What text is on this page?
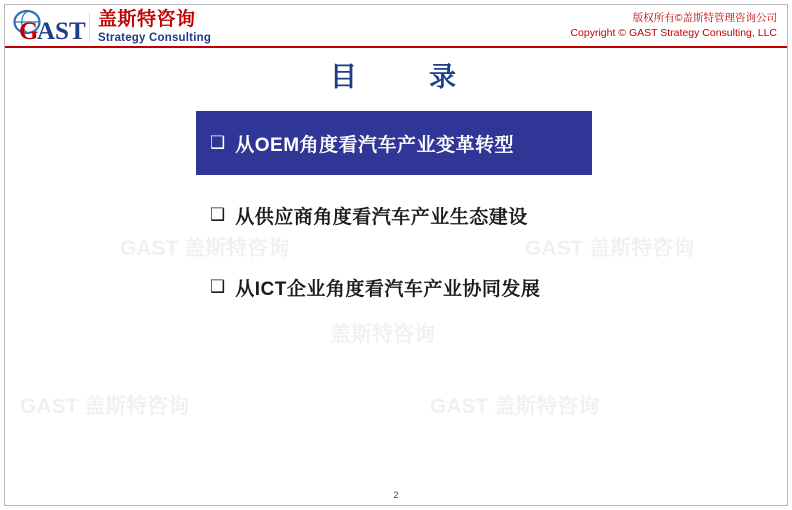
G
AST 盖斯特咨询
Strategy Consulting
版权所有©盖斯特管理咨询公司
Copyright © GAST Strategy Consulting, LLC
目　　录
GAST 盖斯特咨询	GAST 盖斯特咨询
GAST 盖斯特咨询	GAST 盖斯特咨询
盖斯特咨询
❑ 从OEM角度看汽车产业变革转型
❑ 从供应商角度看汽车产业生态建设
❑ 从ICT企业角度看汽车产业协同发展
2
